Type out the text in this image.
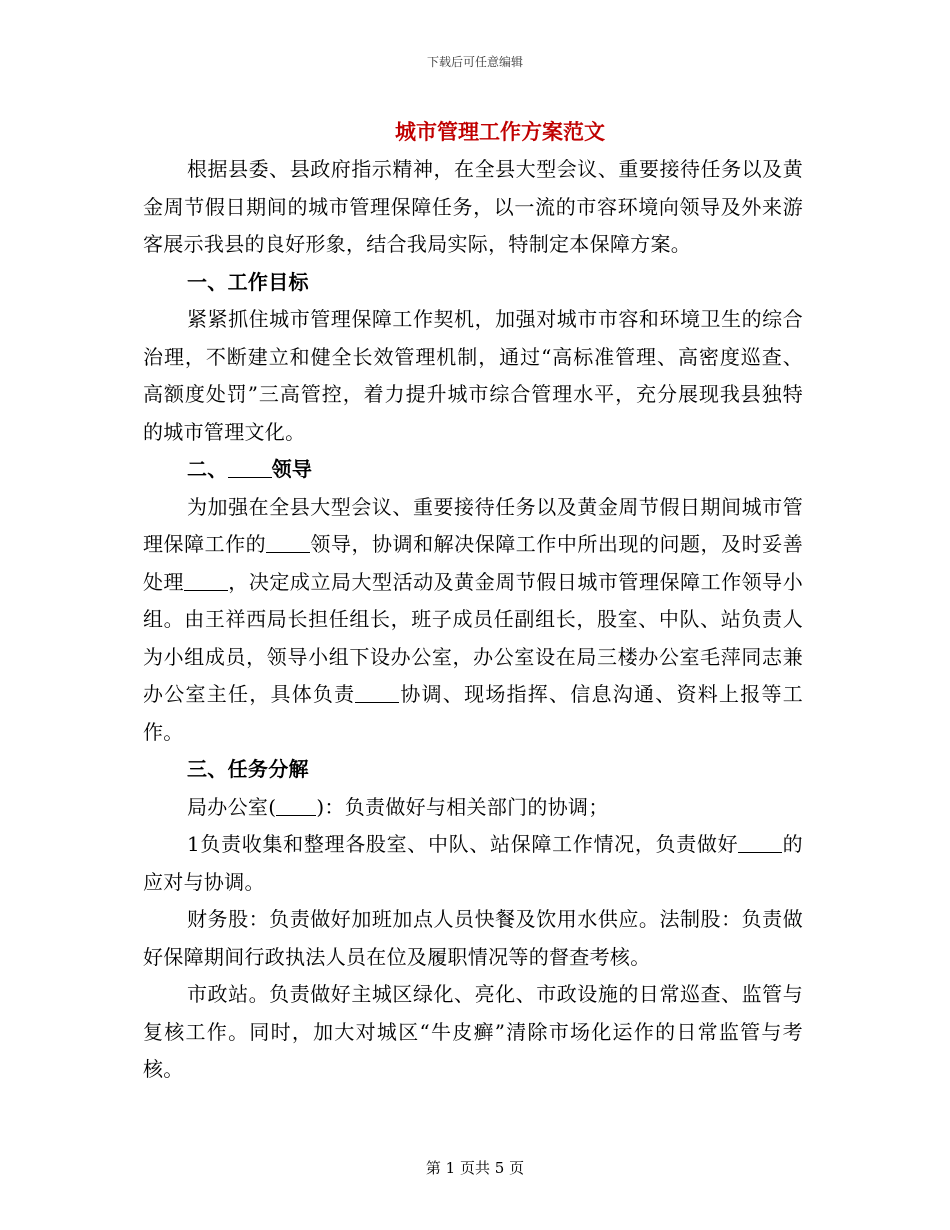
下载后可任意编辑
城市管理工作方案范文

根据县委、县政府指示精神，在全县大型会议、重要接待任务以及黄金周节假日期间的城市管理保障任务，以一流的市容环境向领导及外来游客展示我县的良好形象，结合我局实际，特制定本保障方案。

一、工作目标

紧紧抓住城市管理保障工作契机，加强对城市市容和环境卫生的综合治理，不断建立和健全长效管理机制，通过“高标准管理、高密度巡查、高额度处罚”三高管控，着力提升城市综合管理水平，充分展现我县独特的城市管理文化。

二、 领导

为加强在全县大型会议、重要接待任务以及黄金周节假日期间城市管理保障工作的 领导，协调和解决保障工作中所出现的问题，及时妥善处理 ，决定成立局大型活动及黄金周节假日城市管理保障工作领导小组。由王祥西局长担任组长，班子成员任副组长，股室、中队、站负责人为小组成员，领导小组下设办公室，办公室设在局三楼办公室毛萍同志兼办公室主任，具体负责 协调、现场指挥、信息沟通、资料上报等工作。

三、任务分解

局办公室( )：负责做好与相关部门的协调；

1负责收集和整理各股室、中队、站保障工作情况，负责做好 的应对与协调。

财务股：负责做好加班加点人员快餐及饮用水供应。法制股：负责做好保障期间行政执法人员在位及履职情况等的督查考核。

市政站。负责做好主城区绿化、亮化、市政设施的日常巡查、监管与复核工作。同时，加大对城区“牛皮癣”清除市场化运作的日常监管与考核。

第 1 页共 5 页
